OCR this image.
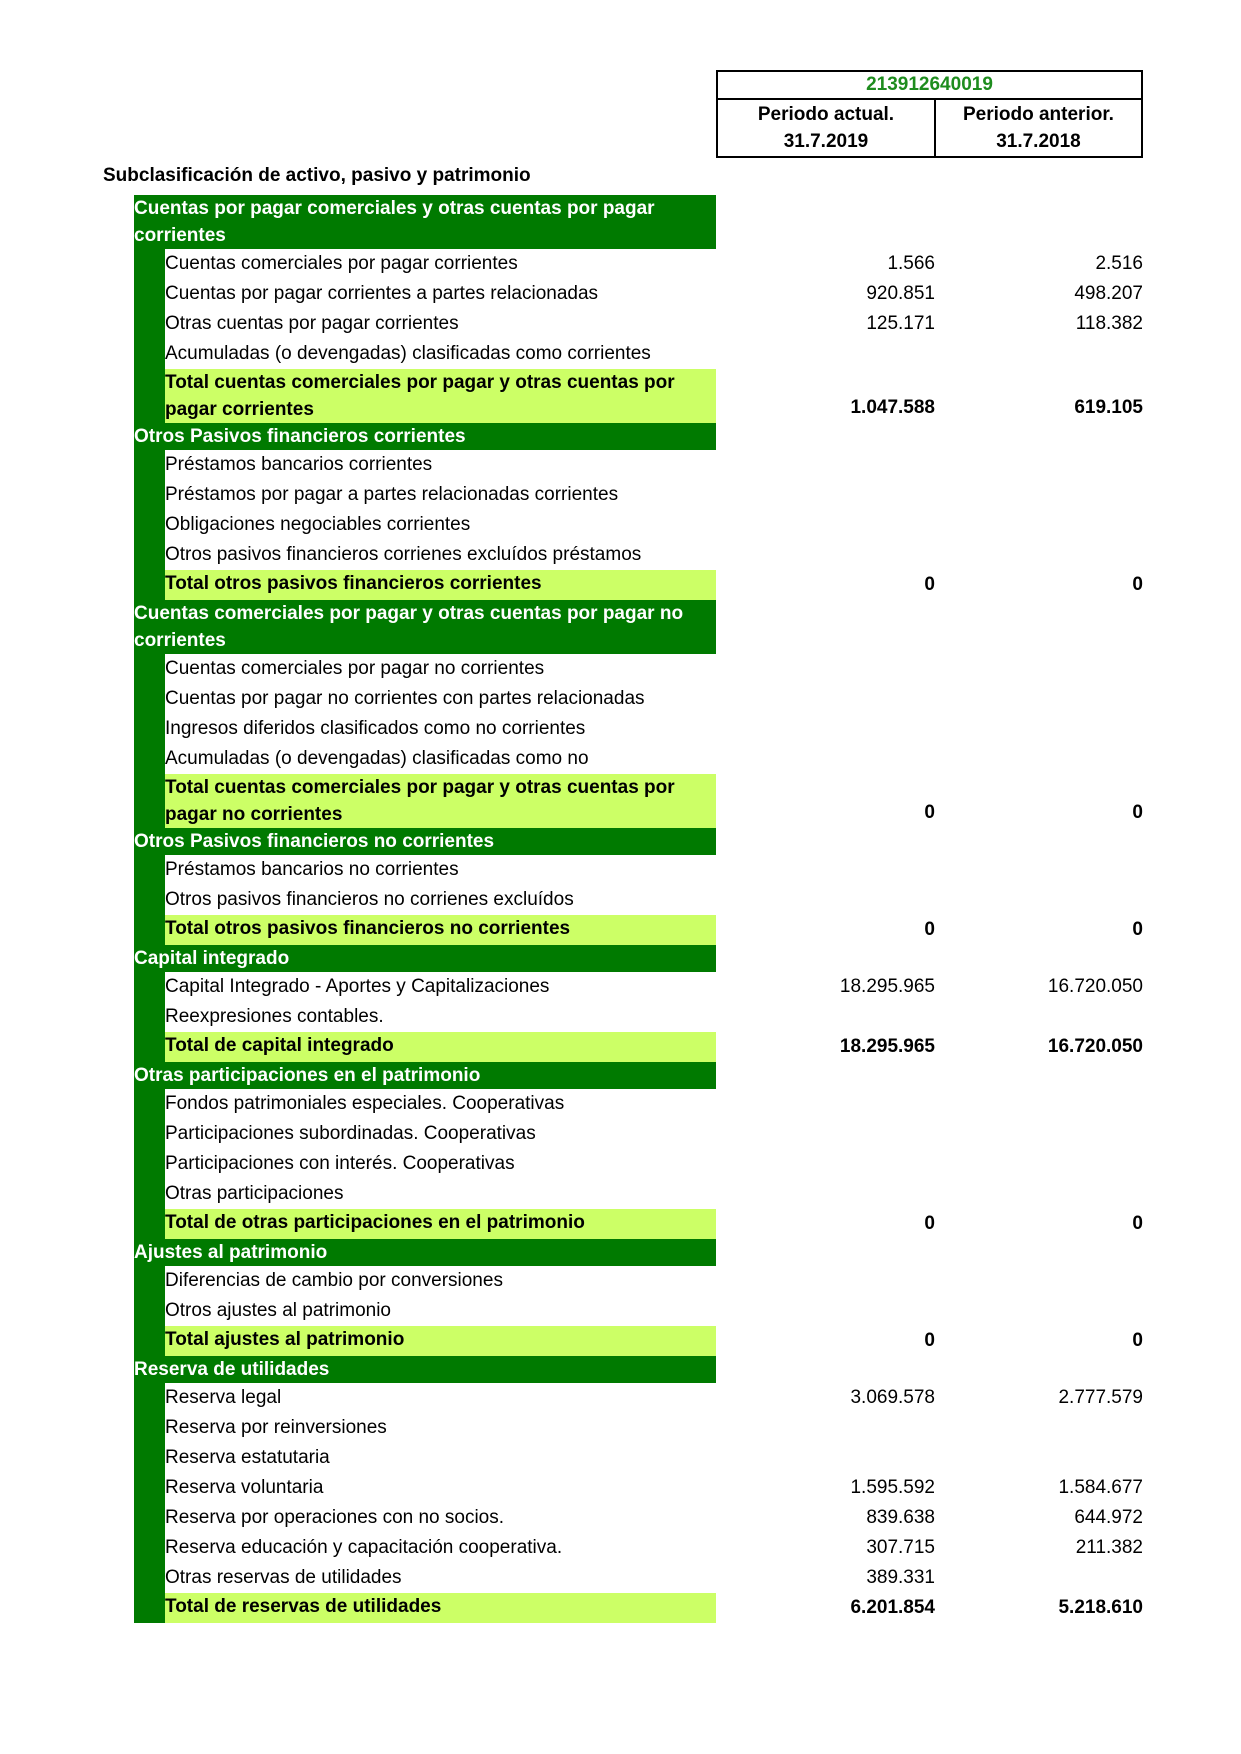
213912640019

Periodo actual.
31.7.2019

Periodo anterior.
31.7.2018
Subclasificación de activo, pasivo y patrimonio				
	Cuentas por pagar comerciales y otras cuentas por pagar corrientes			
		Cuentas comerciales por pagar corrientes	1.566	2.516
		Cuentas por pagar corrientes a partes relacionadas	920.851	498.207
		Otras cuentas por pagar corrientes	125.171	118.382
		Acumuladas (o devengadas) clasificadas como corrientes		
		Total cuentas comerciales por pagar y otras cuentas por pagar corrientes	1.047.588	619.105
	Otros Pasivos financieros corrientes			
		Préstamos bancarios corrientes		
		Préstamos por pagar a partes relacionadas corrientes		
		Obligaciones negociables corrientes		
		Otros pasivos financieros corrienes excluídos préstamos		
		Total otros pasivos financieros corrientes	0	0
	Cuentas comerciales por pagar y otras cuentas por pagar no corrientes			
		Cuentas comerciales por pagar no corrientes		
		Cuentas por pagar no corrientes con partes relacionadas		
		Ingresos diferidos clasificados como no corrientes		
		Acumuladas (o devengadas) clasificadas como no		
		Total cuentas comerciales por pagar y otras cuentas por pagar no corrientes	0	0
	Otros Pasivos financieros no corrientes			
		Préstamos bancarios no corrientes		
		Otros pasivos financieros no corrienes excluídos		
		Total otros pasivos financieros no corrientes	0	0
	Capital integrado			
		Capital Integrado - Aportes y Capitalizaciones	18.295.965	16.720.050
		Reexpresiones contables.		
		Total de capital integrado	18.295.965	16.720.050
	Otras participaciones en el patrimonio			
		Fondos patrimoniales especiales. Cooperativas		
		Participaciones subordinadas. Cooperativas		
		Participaciones con interés. Cooperativas		
		Otras participaciones		
		Total de otras participaciones en el patrimonio	0	0
	Ajustes al patrimonio			
		Diferencias de cambio por conversiones		
		Otros ajustes al patrimonio		
		Total ajustes al patrimonio	0	0
	Reserva de utilidades			
		Reserva legal	3.069.578	2.777.579
		Reserva por reinversiones		
		Reserva estatutaria		
		Reserva voluntaria	1.595.592	1.584.677
		Reserva por operaciones con no socios.	839.638	644.972
		Reserva educación y capacitación cooperativa.	307.715	211.382
		Otras reservas de utilidades	389.331	
		Total de reservas de utilidades	6.201.854	5.218.610
